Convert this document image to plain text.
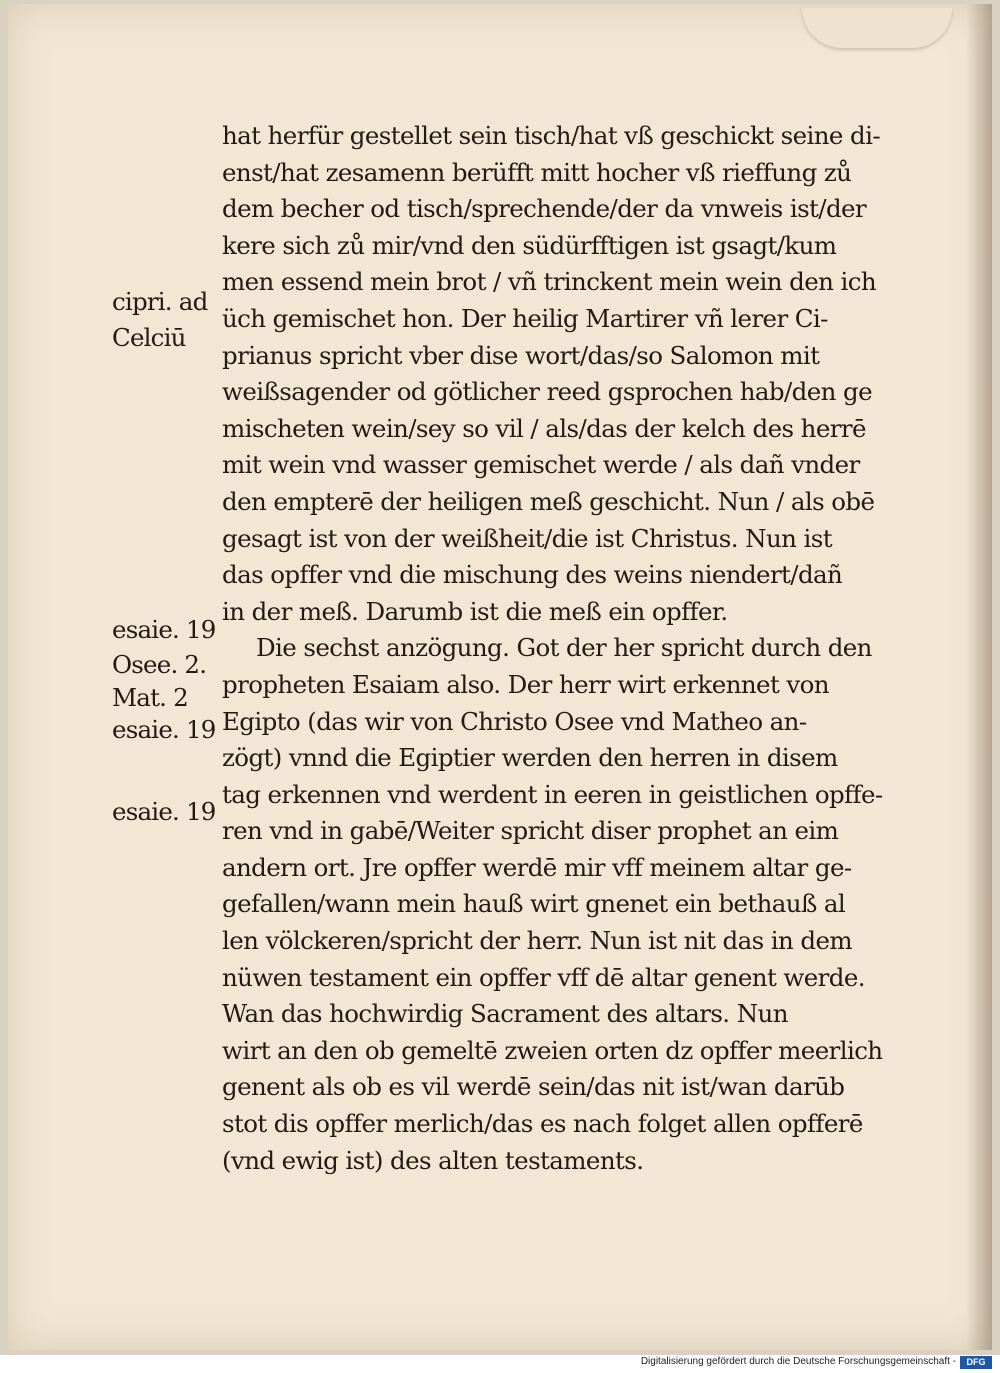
hat herfür gestellet sein tisch/hat vß geschickt seine di-
enst/hat zesamenn berüfft mitt hocher vß rieffung zů
dem becher od tisch/sprechende/der da vnweis ist/der
kere sich zů mir/vnd den südürfftigen ist gsagt/kum
men essend mein brot / vñ trinckent mein wein den ich
üch gemischet hon. Der heilig Martirer vñ lerer Ci-
prianus spricht vber dise wort/das/so Salomon mit
weißsagender od götlicher reed gsprochen hab/den ge
mischeten wein/sey so vil / als/das der kelch des herrē
mit wein vnd wasser gemischet werde / als dañ vnder
den empterē der heiligen meß geschicht. Nun / als obē
gesagt ist von der weißheit/die ist Christus. Nun ist
das opffer vnd die mischung des weins niendert/dañ
in der meß. Darumb ist die meß ein opffer.
Die sechst anzögung. Got der her spricht durch den
propheten Esaiam also. Der herr wirt erkennet von
Egipto (das wir von Christo Osee vnd Matheo an-
zögt) vnnd die Egiptier werden den herren in disem
tag erkennen vnd werdent in eeren in geistlichen opffe-
ren vnd in gabē/Weiter spricht diser prophet an eim
andern ort. Jre opffer werdē mir vff meinem altar ge-
gefallen/wann mein hauß wirt gnenet ein bethauß al
len völckeren/spricht der herr. Nun ist nit das in dem
nüwen testament ein opffer vff dē altar genent werde.
Wan das hochwirdig Sacrament des altars. Nun
wirt an den ob gemeltē zweien orten dz opffer meerlich
genent als ob es vil werdē sein/das nit ist/wan darūb
stot dis opffer merlich/das es nach folget allen opfferē
(vnd ewig ist) des alten testaments.
cipri. ad
Celciū
esaie. 19
Osee. 2.
Mat. 2
esaie. 19
esaie. 19
Digitalisierung gefördert durch die Deutsche Forschungsgemeinschaft -	DFG
